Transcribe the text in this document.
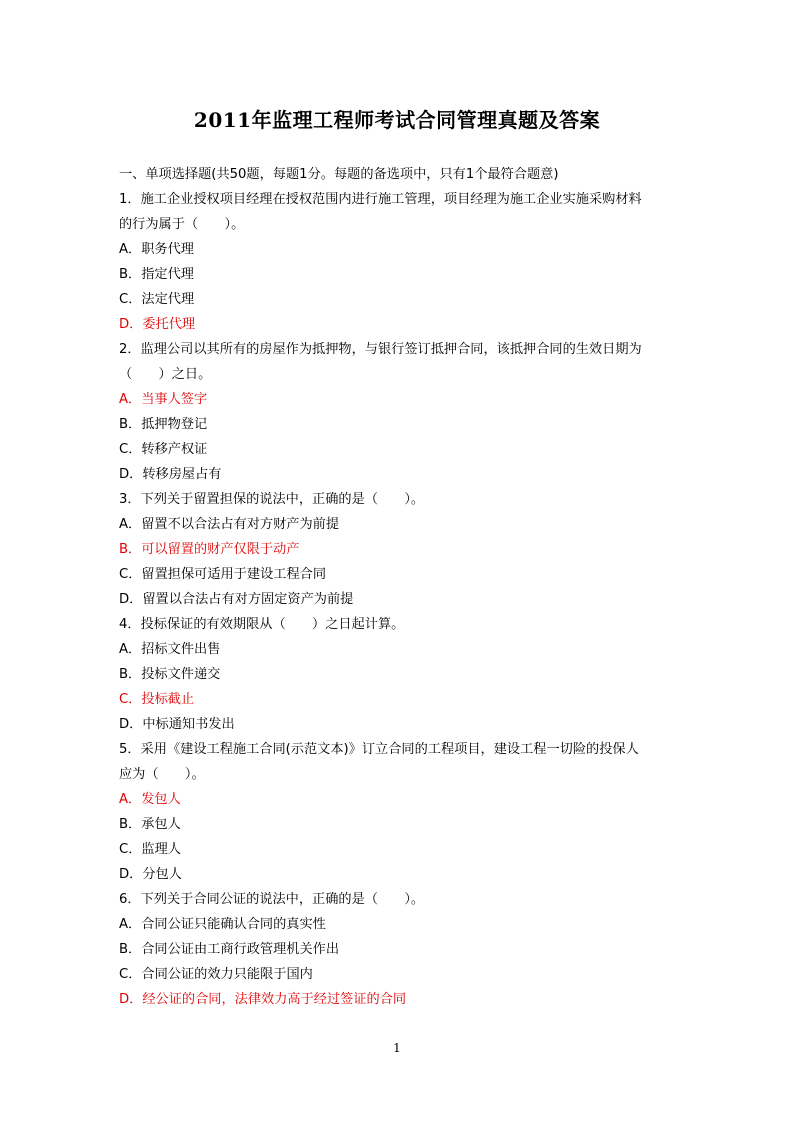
2011年监理工程师考试合同管理真题及答案

一、单项选择题(共50题，每题1分。每题的备选项中，只有1个最符合题意)

1．施工企业授权项目经理在授权范围内进行施工管理，项目经理为施工企业实施采购材料

的行为属于（　　）。

A．职务代理

B．指定代理

C．法定代理

D．委托代理

2．监理公司以其所有的房屋作为抵押物，与银行签订抵押合同，该抵押合同的生效日期为

（　　）之日。

A．当事人签字

B．抵押物登记

C．转移产权证

D．转移房屋占有

3．下列关于留置担保的说法中，正确的是（　　）。

A．留置不以合法占有对方财产为前提

B．可以留置的财产仅限于动产

C．留置担保可适用于建设工程合同

D．留置以合法占有对方固定资产为前提

4．投标保证的有效期限从（　　）之日起计算。

A．招标文件出售

B．投标文件递交

C．投标截止

D．中标通知书发出

5．采用《建设工程施工合同(示范文本)》订立合同的工程项目，建设工程一切险的投保人

应为（　　）。

A．发包人

B．承包人

C．监理人

D．分包人

6．下列关于合同公证的说法中，正确的是（　　）。

A．合同公证只能确认合同的真实性

B．合同公证由工商行政管理机关作出

C．合同公证的效力只能限于国内

D．经公证的合同，法律效力高于经过签证的合同

1
